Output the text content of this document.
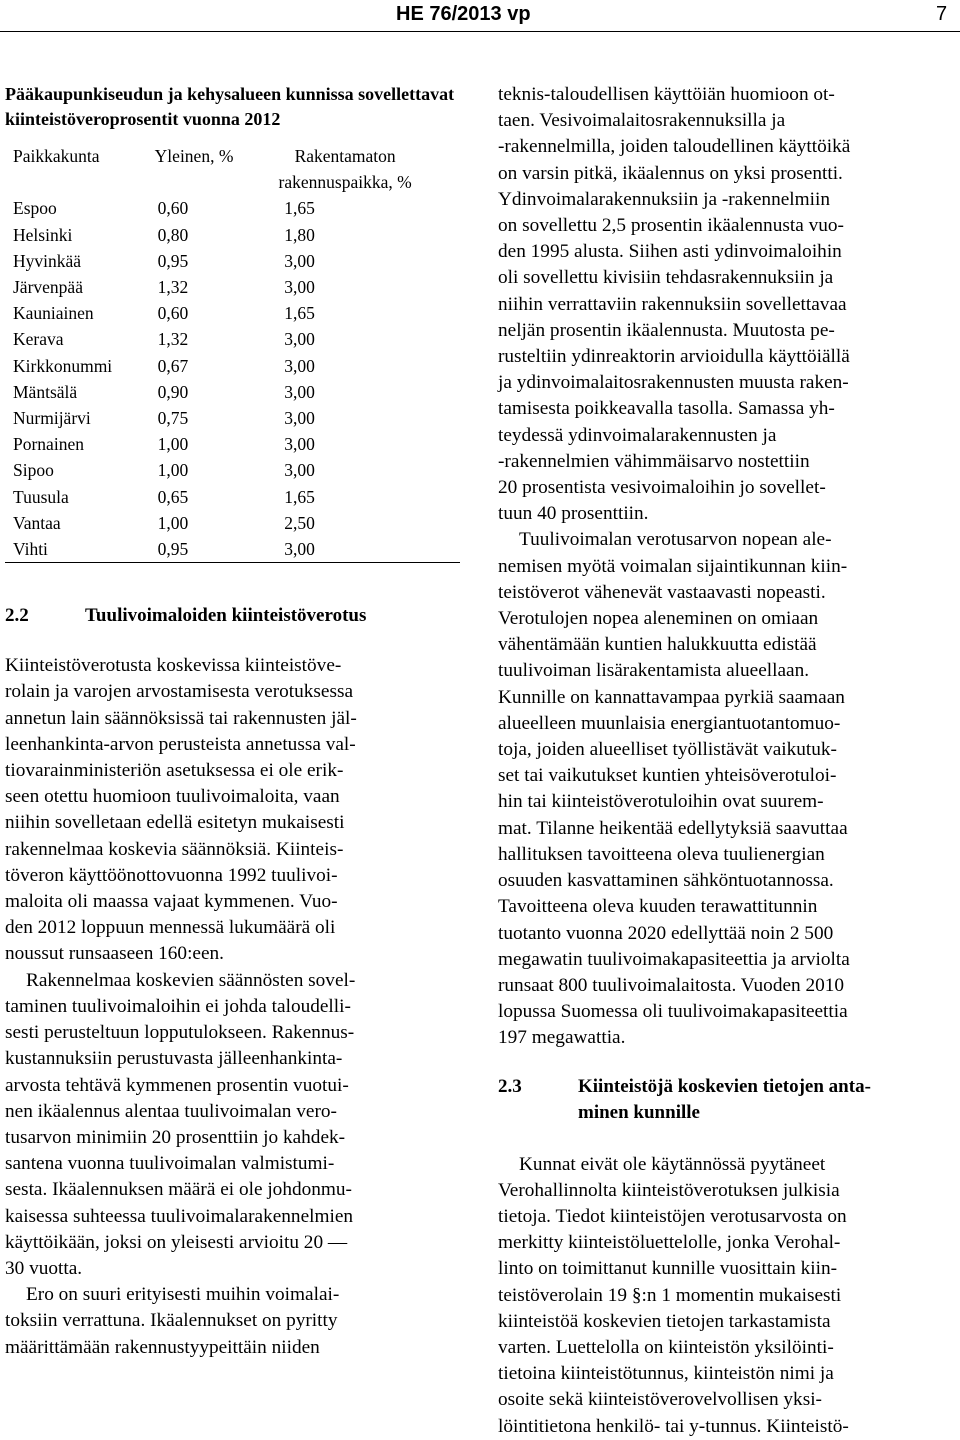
HE 76/2013 vp	7

Pääkaupunkiseudun ja kehysalueen kunnissa sovellettavat kiinteistöveroprosentit vuonna 2012

Paikkakunta	Yleinen, %	Rakentamaton rakennuspaikka, %
Espoo	0,60	1,65
Helsinki	0,80	1,80
Hyvinkää	0,95	3,00
Järvenpää	1,32	3,00
Kauniainen	0,60	1,65
Kerava	1,32	3,00
Kirkkonummi	0,67	3,00
Mäntsälä	0,90	3,00
Nurmijärvi	0,75	3,00
Pornainen	1,00	3,00
Sipoo	1,00	3,00
Tuusula	0,65	1,65
Vantaa	1,00	2,50
Vihti	0,95	3,00
2.2	Tuulivoimaloiden kiinteistöverotus

Kiinteistöverotusta koskevissa kiinteistöve-
rolain ja varojen arvostamisesta verotuksessa
annetun lain säännöksissä tai rakennusten jäl-
leenhankinta-arvon perusteista annetussa val-
tiovarainministeriön asetuksessa ei ole erik-
seen otettu huomioon tuulivoimaloita, vaan
niihin sovelletaan edellä esitetyn mukaisesti
rakennelmaa koskevia säännöksiä. Kiinteis-
töveron käyttöönottovuonna 1992 tuulivoi-
maloita oli maassa vajaat kymmenen. Vuo-
den 2012 loppuun mennessä lukumäärä oli
noussut runsaaseen 160:een.

Rakennelmaa koskevien säännösten sovel-
taminen tuulivoimaloihin ei johda taloudelli-
sesti perusteltuun lopputulokseen. Rakennus-
kustannuksiin perustuvasta jälleenhankinta-
arvosta tehtävä kymmenen prosentin vuotui-
nen ikäalennus alentaa tuulivoimalan vero-
tusarvon minimiin 20 prosenttiin jo kahdek-
santena vuonna tuulivoimalan valmistumi-
sesta. Ikäalennuksen määrä ei ole johdonmu-
kaisessa suhteessa tuulivoimalarakennelmien
käyttöikään, joksi on yleisesti arvioitu 20 —
30 vuotta.

Ero on suuri erityisesti muihin voimalai-
toksiin verrattuna. Ikäalennukset on pyritty
määrittämään rakennustyypeittäin niiden

teknis-taloudellisen käyttöiän huomioon ot-
taen. Vesivoimalaitosrakennuksilla ja
-rakennelmilla, joiden taloudellinen käyttöikä
on varsin pitkä, ikäalennus on yksi prosentti.
Ydinvoimalarakennuksiin ja -rakennelmiin
on sovellettu 2,5 prosentin ikäalennusta vuo-
den 1995 alusta. Siihen asti ydinvoimaloihin
oli sovellettu kivisiin tehdasrakennuksiin ja
niihin verrattaviin rakennuksiin sovellettavaa
neljän prosentin ikäalennusta. Muutosta pe-
rusteltiin ydinreaktorin arvioidulla käyttöiällä
ja ydinvoimalaitosrakennusten muusta raken-
tamisesta poikkeavalla tasolla. Samassa yh-
teydessä ydinvoimalarakennusten ja
-rakennelmien vähimmäisarvo nostettiin
20 prosentista vesivoimaloihin jo sovellet-
tuun 40 prosenttiin.

Tuulivoimalan verotusarvon nopean ale-
nemisen myötä voimalan sijaintikunnan kiin-
teistöverot vähenevät vastaavasti nopeasti.
Verotulojen nopea aleneminen on omiaan
vähentämään kuntien halukkuutta edistää
tuulivoiman lisärakentamista alueellaan.
Kunnille on kannattavampaa pyrkiä saamaan
alueelleen muunlaisia energiantuotantomuo-
toja, joiden alueelliset työllistävät vaikutuk-
set tai vaikutukset kuntien yhteisöverotuloi-
hin tai kiinteistöverotuloihin ovat suurem-
mat. Tilanne heikentää edellytyksiä saavuttaa
hallituksen tavoitteena oleva tuulienergian
osuuden kasvattaminen sähköntuotannossa.
Tavoitteena oleva kuuden terawattitunnin
tuotanto vuonna 2020 edellyttää noin 2 500
megawatin tuulivoimakapasiteettia ja arviolta
runsaat 800 tuulivoimalaitosta. Vuoden 2010
lopussa Suomessa oli tuulivoimakapasiteettia
197 megawattia.

2.3	Kiinteistöjä koskevien tietojen anta-
minen kunnille

Kunnat eivät ole käytännössä pyytäneet
Verohallinnolta kiinteistöverotuksen julkisia
tietoja. Tiedot kiinteistöjen verotusarvosta on
merkitty kiinteistöluettelolle, jonka Verohal-
linto on toimittanut kunnille vuosittain kiin-
teistöverolain 19 §:n 1 momentin mukaisesti
kiinteistöä koskevien tietojen tarkastamista
varten. Luettelolla on kiinteistön yksilöinti-
tietoina kiinteistötunnus, kiinteistön nimi ja
osoite sekä kiinteistöverovelvollisen yksi-
löintitietona henkilö- tai y-tunnus. Kiinteistö-
